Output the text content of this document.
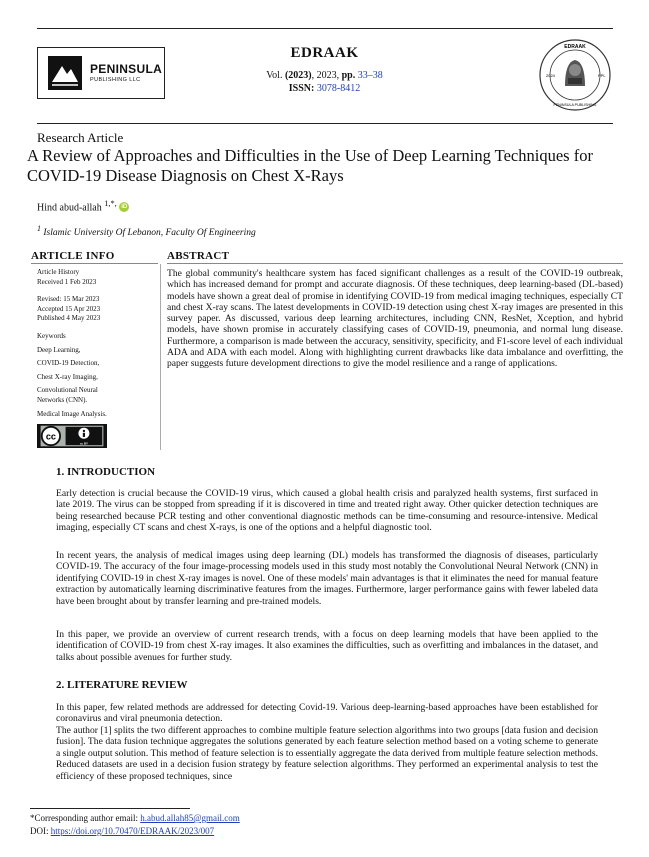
PENINSULA
PUBLISHING LLC
EDRAAK
Vol. (2023), 2023, pp. 33–38
ISSN: 3078-8412
EDRAAK
2024	PPL
PENINSULA PUBLISHING
Research Article
A Review of Approaches and Difficulties in the Use of Deep Learning Techniques for COVID-19 Disease Diagnosis on Chest X-Rays
Hind abud-allah $^{1,*,}$ iD
$^1$ Islamic University Of Lebanon, Faculty Of Engineering
ARTICLE INFO	ABSTRACT
Article History
Received 1 Feb 2023
Revised: 15 Mar 2023
Accepted 15 Apr 2023
Published 4 May 2023
Keywords
Deep Learning,
COVID-19 Detection,
Chest X-ray Imaging,
Convolutional Neural
Networks (CNN).
Medical Image Analysis.
cc
cc BY
The global community's healthcare system has faced significant challenges as a result of the COVID-19 outbreak, which has increased demand for prompt and accurate diagnosis. Of these techniques, deep learning-based (DL-based) models have shown a great deal of promise in identifying COVID-19 from medical imaging techniques, especially CT and chest X-ray scans. The latest developments in COVID-19 detection using chest X-ray images are presented in this survey paper. As discussed, various deep learning architectures, including CNN, ResNet, Xception, and hybrid models, have shown promise in accurately classifying cases of COVID-19, pneumonia, and normal lung disease. Furthermore, a comparison is made between the accuracy, sensitivity, specificity, and F1-score level of each individual ADA and ADA with each model. Along with highlighting current drawbacks like data imbalance and overfitting, the paper suggests future development directions to give the model resilience and a range of applications.
1. INTRODUCTION
Early detection is crucial because the COVID-19 virus, which caused a global health crisis and paralyzed health systems, first surfaced in late 2019. The virus can be stopped from spreading if it is discovered in time and treated right away. Other quicker detection techniques are being researched because PCR testing and other conventional diagnostic methods can be time-consuming and resource-intensive. Medical imaging, especially CT scans and chest X-rays, is one of the options and a helpful diagnostic tool.
In recent years, the analysis of medical images using deep learning (DL) models has transformed the diagnosis of diseases, particularly COVID-19. The accuracy of the four image-processing models used in this study most notably the Convolutional Neural Network (CNN) in identifying COVID-19 in chest X-ray images is novel. One of these models' main advantages is that it eliminates the need for manual feature extraction by automatically learning discriminative features from the images. Furthermore, larger performance gains with fewer labeled data have been brought about by transfer learning and pre-trained models.
In this paper, we provide an overview of current research trends, with a focus on deep learning models that have been applied to the identification of COVID-19 from chest X-ray images. It also examines the difficulties, such as overfitting and imbalances in the dataset, and talks about possible avenues for further study.
2. LITERATURE REVIEW
In this paper, few related methods are addressed for detecting Covid-19. Various deep-learning-based approaches have been established for coronavirus and viral pneumonia detection.
The author [1] splits the two different approaches to combine multiple feature selection algorithms into two groups [data fusion and decision fusion]. The data fusion technique aggregates the solutions generated by each feature selection method based on a voting scheme to generate a single output solution. This method of feature selection is to essentially aggregate the data derived from multiple feature selection methods. Reduced datasets are used in a decision fusion strategy by feature selection algorithms. They performed an experimental analysis to test the efficiency of these proposed techniques, since
*Corresponding author email: h.abud.allah85@gmail.com
DOI: https://doi.org/10.70470/EDRAAK/2023/007
